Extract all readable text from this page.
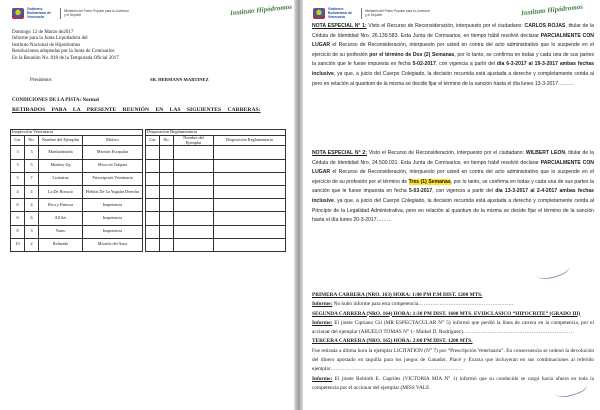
Gobierno Bolivariano de Venezuela
Ministerio del Poder Popular para la Juventud y el Deporte	Instituto Hipódromos
Domingo 12 de Marzo de2017
Informe para la Junta Liquidadora del
Instituto Nacional de Hipódromos
Resoluciones adoptadas por la Junta de Comisarios
En la Reunión No. 818 de la Temporada Oficial 2017
Presidente:	SR. HERMANN MARTINEZ
CONDICIONES DE LA PISTA: Normal
RETIRADOS PARA LA PRESENTE REUNIÓN EN LAS SIGUIENTES CARRERAS:
Inspección Veterinaria					Disposición Reglamentaria			
Car	No.	Nombre del Ejemplar	Motivo		Car	No.	Nombre del Ejemplar	Disposición Reglamentaria
3	3	Marthadaniela	Miositis Escapular					
3	5	Monkey Up	Moco en Tráquea					
3	7	Licitation	Prescripción Veterinaria					
4	4	La De Horacio	Flebitis De La Yugular Derecha					
6	4	Rica y Famosa	Inapetencia					
6	6	All Set	Inapetencia					
8	3	Yomo	Inapetencia					
10	2	Refinado	Miositis del Anca					
Gobierno Bolivariano de Venezuela
Ministerio del Poder Popular para la Juventud y el Deporte	Instituto Hipódromos
NOTA ESPECIAL N° 1: Visto el Recurso de Reconsideración, interpuesto por el ciudadano: CARLOS ROJAS, titular de la Cédula de Identidad Nro. 26.139.583. Esta Junta de Comisarios, en tiempo hábil resolvió declarar PARCIALMENTE CON LUGAR el Recurso de Reconsideración, interpuesto por usted en contra del acto administrativo que lo suspende en el ejercicio de su profesión por el término de Dos (2) Semanas, por lo tanto, se confirma en todas y cada una de sus partes la sanción que le fuese impuesta en fecha 5-02-2017, con vigencia a partir del día 6-3-2017 al 19-3-2017 ambas fechas inclusive, ya que, a juicio del Cuerpo Colegiado, la decisión recurrida está ajustada a derecho y completamente cerida al pero en relación al quantum de la misma se decide fijar el término de la sanción hasta el día lunes 13-3-2017………
NOTA ESPECIAL N° 2: Visto el Recurso de Reconsideración, interpuesto por el ciudadano: WILBERT LEON, titular de la Cédula de Identidad Nro. 24.500.031. Esta Junta de Comisarios, en tiempo hábil resolvió declarar PARCIALMENTE CON LUGAR el Recurso de Reconsideración, interpuesto por usted en contra del acto administrativo que lo suspende en el ejercicio de su profesión por el término de Tres (1) Semanas, por lo tanto, se confirma en todas y cada una de sus partes la sanción que le fuese impuesta en fecha 5-03-2017, con vigencia a partir del día 13-3-2017 al 2-4-2017 ambas fechas inclusive, ya que, a juicio del Cuerpo Colegiado, la decisión recurrida está ajustada a derecho y completamente cerida al Principio de la Legalidad Administrativa, pero en relación al quantum de la misma se decide fijar el término de la sanción hasta el día lunes 20-3-2017………
PRIMERA CARRERA (NRO. 163) HORA: 1:00 PM P.M DIST. 1200 MTS.
Informe: No hubo informe para esta competencia………………………………………………
SEGUNDA CARRERA (NRO. 164) HORA: 1:30 PM DIST. 1600 MTS. EVIDCLASICO “HIPOCRITE” (GRADO III)
Informe: El jinete Cipriano Gil (MR ESPECTACULAR N° 5) informó que perdió la línea de carrera en la competencia, por el accionar del ejemplar (ABUELO TOMAS N° 1- Maikel D. Rodríguez)………………………………………………………
TERCERA CARRERA (NRO. 165) HORA: 2:00 PM DIST. 1200 MTS.
Fue retirada a última hora la ejemplar LICITATION (N° 7) por “Prescripción Veterinaria”. En consecuencia se ordenó la devolución del dinero apostado en taquilla para los juegos de Ganador, Placé y Exacta que incluyeran en sus combinaciones al referido ejemplar…………………………………………………………………
Informe: El jinete Robinth E. Capriles (VICTORIA MIA N° 1) informó que su conducido se cargó hacia afuera en toda la competencia por el accionar del ejemplar (MISS VALE
